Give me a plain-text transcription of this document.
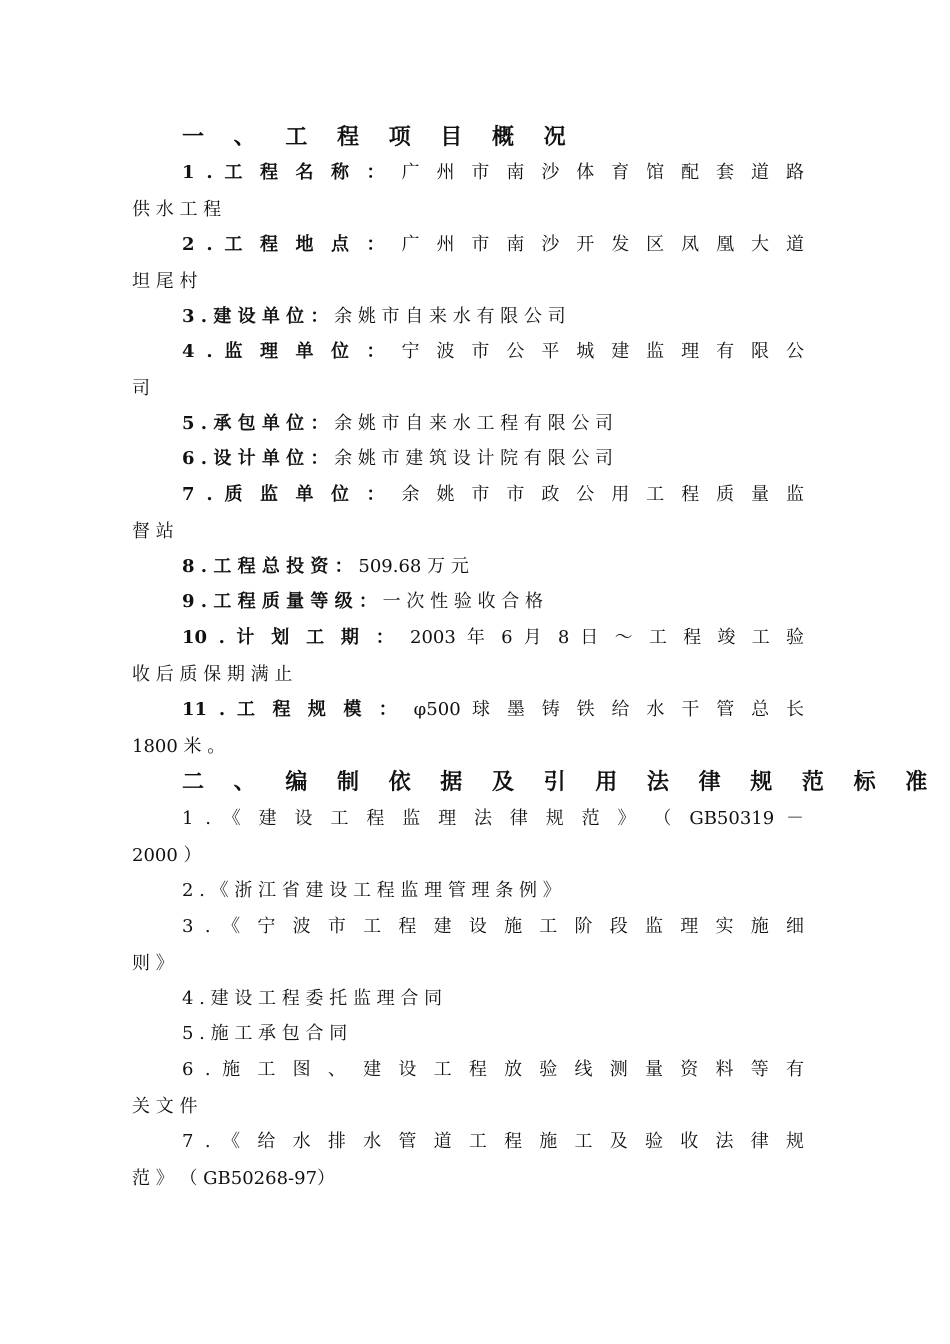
一 、 工 程 项 目 概 况
1 . 工 程 名 称 ： 广 州 市 南 沙 体 育 馆 配 套 道 路
供 水 工 程
2 . 工 程 地 点 ： 广 州 市 南 沙 开 发 区 凤 凰 大 道
坦 尾 村
3 . 建 设 单 位 ： 余 姚 市 自 来 水 有 限 公 司
4 . 监 理 单 位 ： 宁 波 市 公 平 城 建 监 理 有 限 公
司
5 . 承 包 单 位 ： 余 姚 市 自 来 水 工 程 有 限 公 司
6 . 设 计 单 位 ： 余 姚 市 建 筑 设 计 院 有 限 公 司
7 . 质 监 单 位 ： 余 姚 市 市 政 公 用 工 程 质 量 监
督 站
8 . 工 程 总 投 资 ： 509.68 万 元
9 . 工 程 质 量 等 级 ： 一 次 性 验 收 合 格
10 . 计 划 工 期 ： 2003 年 6 月 8 日 ～ 工 程 竣 工 验
收 后 质 保 期 满 止
11 . 工 程 规 模 ： φ500 球 墨 铸 铁 给 水 干 管 总 长
1800 米 。
二 、 编 制 依 据 及 引 用 法 律 规 范 标 准
1 . 《 建 设 工 程 监 理 法 律 规 范 》 （ GB50319 －
2000 ）
2 . 《 浙 江 省 建 设 工 程 监 理 管 理 条 例 》
3 . 《 宁 波 市 工 程 建 设 施 工 阶 段 监 理 实 施 细
则 》
4 . 建 设 工 程 委 托 监 理 合 同
5 . 施 工 承 包 合 同
6 . 施 工 图 、 建 设 工 程 放 验 线 测 量 资 料 等 有
关 文 件
7 . 《 给 水 排 水 管 道 工 程 施 工 及 验 收 法 律 规
范 》 （ GB50268-97）
